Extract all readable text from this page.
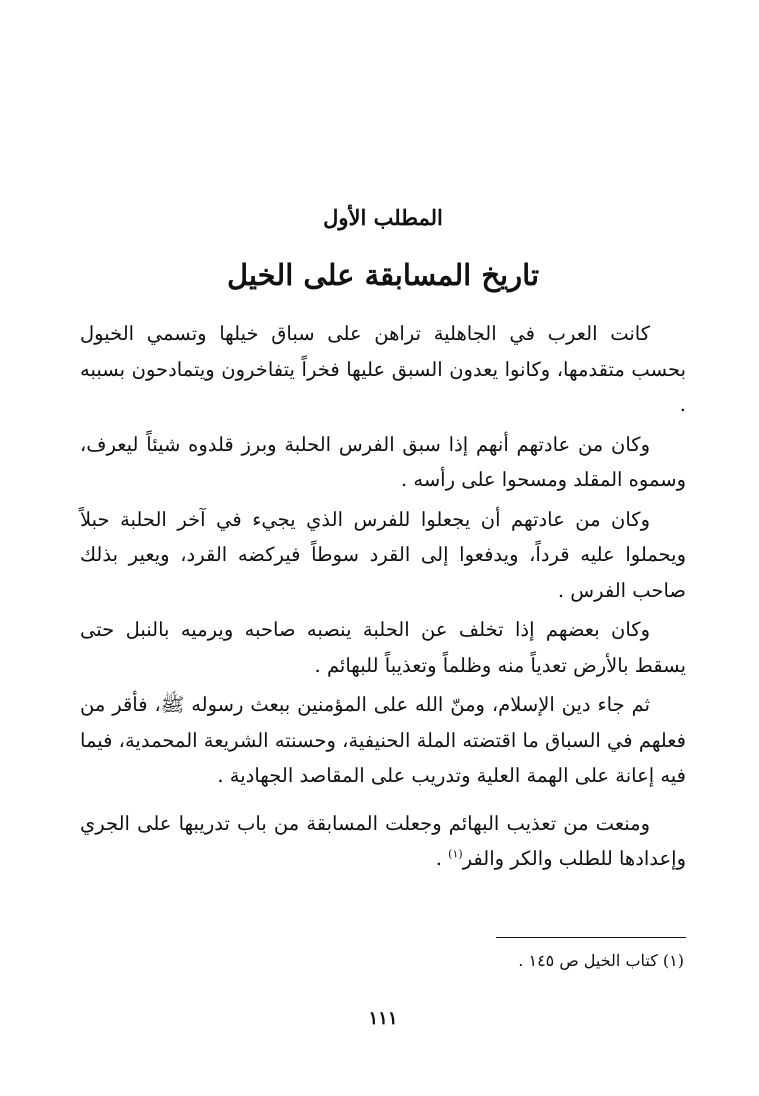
المطلب الأول
تاريخ المسابقة على الخيل

كانت العرب في الجاهلية تراهن على سباق خيلها وتسمي الخيول بحسب متقدمها، وكانوا يعدون السبق عليها فخراً يتفاخرون ويتمادحون بسببه .

وكان من عادتهم أنهم إذا سبق الفرس الحلبة وبرز قلدوه شيئاً ليعرف، وسموه المقلد ومسحوا على رأسه .

وكان من عادتهم أن يجعلوا للفرس الذي يجيء في آخر الحلبة حبلاً ويحملوا عليه قرداً، ويدفعوا إلى القرد سوطاً فيركضه القرد، ويعير بذلك صاحب الفرس .

وكان بعضهم إذا تخلف عن الحلبة ينصبه صاحبه ويرميه بالنبل حتى يسقط بالأرض تعدياً منه وظلماً وتعذيباً للبهائم .

ثم جاء دين الإسلام، ومنّ الله على المؤمنين ببعث رسوله ﷺ، فأقر من فعلهم في السباق ما اقتضته الملة الحنيفية، وحسنته الشريعة المحمدية، فيما فيه إعانة على الهمة العلية وتدريب على المقاصد الجهادية .

ومنعت من تعذيب البهائم وجعلت المسابقة من باب تدريبها على الجري وإعدادها للطلب والكر والفر$^{(١)}$ .

(١) كتاب الخيل ص ١٤٥ .
١١١
